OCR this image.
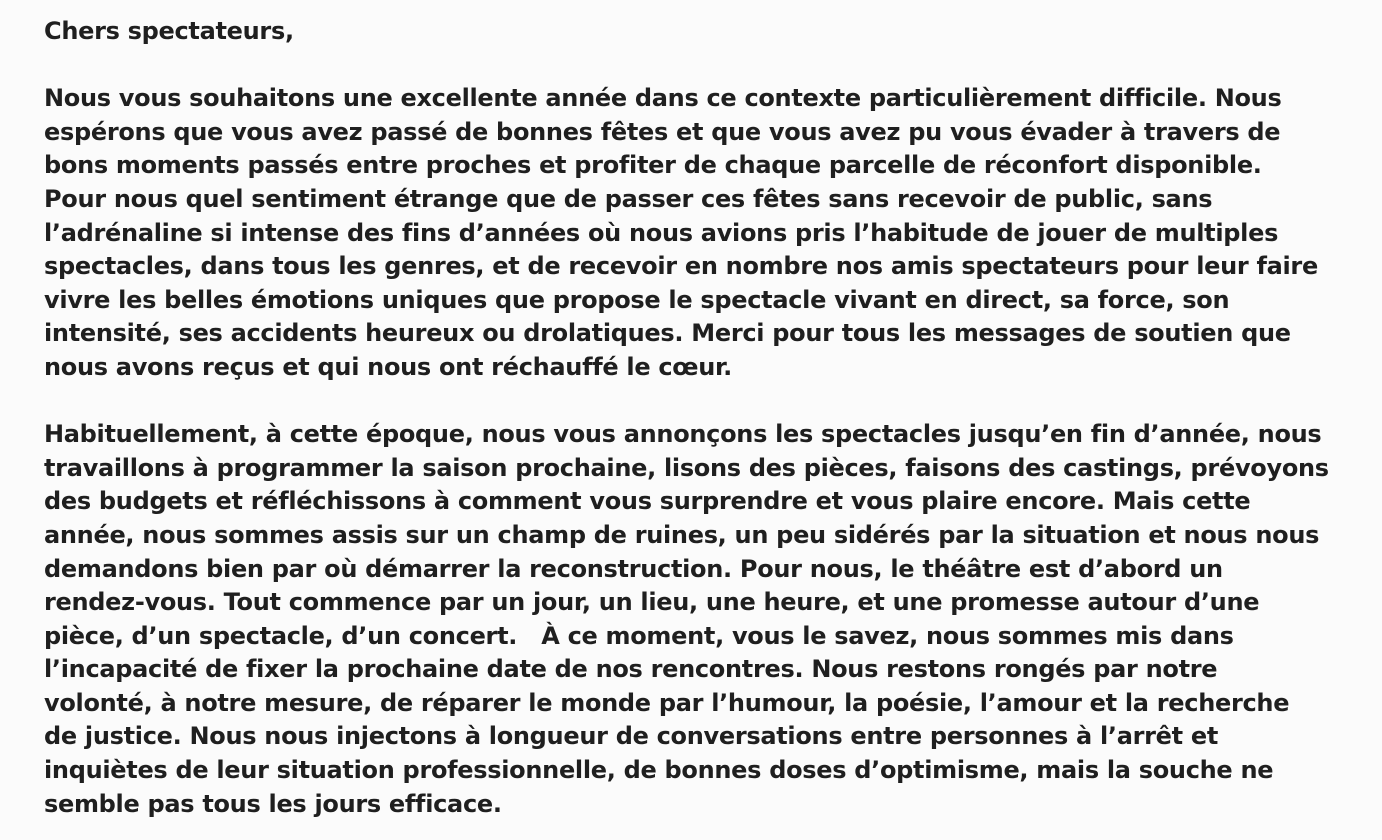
Chers spectateurs,

Nous vous souhaitons une excellente année dans ce contexte particulièrement difficile. Nous
espérons que vous avez passé de bonnes fêtes et que vous avez pu vous évader à travers de
bons moments passés entre proches et profiter de chaque parcelle de réconfort disponible.
Pour nous quel sentiment étrange que de passer ces fêtes sans recevoir de public, sans
l’adrénaline si intense des fins d’années où nous avions pris l’habitude de jouer de multiples
spectacles, dans tous les genres, et de recevoir en nombre nos amis spectateurs pour leur faire
vivre les belles émotions uniques que propose le spectacle vivant en direct, sa force, son
intensité, ses accidents heureux ou drolatiques. Merci pour tous les messages de soutien que
nous avons reçus et qui nous ont réchauffé le cœur.

Habituellement, à cette époque, nous vous annonçons les spectacles jusqu’en fin d’année, nous
travaillons à programmer la saison prochaine, lisons des pièces, faisons des castings, prévoyons
des budgets et réfléchissons à comment vous surprendre et vous plaire encore. Mais cette
année, nous sommes assis sur un champ de ruines, un peu sidérés par la situation et nous nous
demandons bien par où démarrer la reconstruction. Pour nous, le théâtre est d’abord un
rendez-vous. Tout commence par un jour, un lieu, une heure, et une promesse autour d’une
pièce, d’un spectacle, d’un concert.   À ce moment, vous le savez, nous sommes mis dans
l’incapacité de fixer la prochaine date de nos rencontres. Nous restons rongés par notre
volonté, à notre mesure, de réparer le monde par l’humour, la poésie, l’amour et la recherche
de justice. Nous nous injectons à longueur de conversations entre personnes à l’arrêt et
inquiètes de leur situation professionnelle, de bonnes doses d’optimisme, mais la souche ne
semble pas tous les jours efficace.
